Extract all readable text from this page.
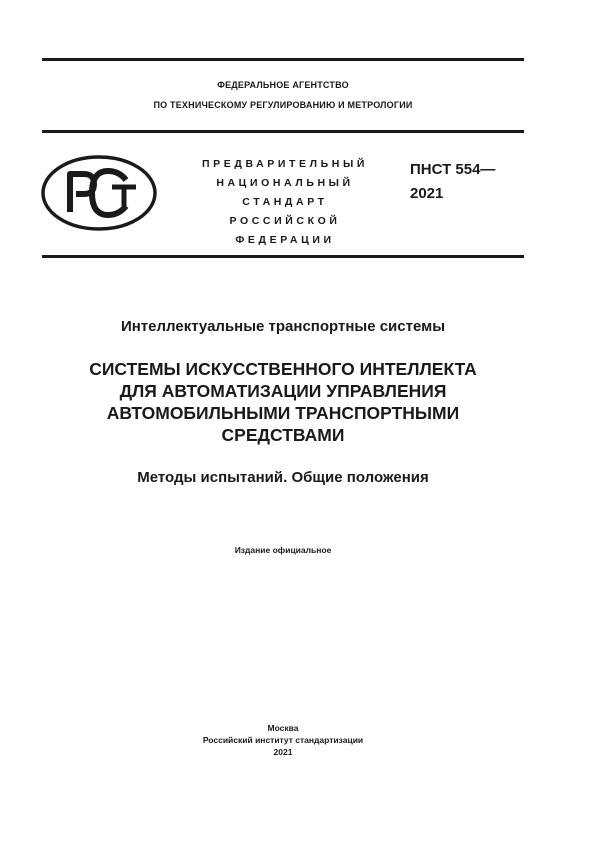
ФЕДЕРАЛЬНОЕ АГЕНТСТВО
ПО ТЕХНИЧЕСКОМУ РЕГУЛИРОВАНИЮ И МЕТРОЛОГИИ
ПРЕДВАРИТЕЛЬНЫЙ
НАЦИОНАЛЬНЫЙ
СТАНДАРТ
РОССИЙСКОЙ
ФЕДЕРАЦИИ
ПНСТ 554—
2021
Интеллектуальные транспортные системы
СИСТЕМЫ ИСКУССТВЕННОГО ИНТЕЛЛЕКТА
ДЛЯ АВТОМАТИЗАЦИИ УПРАВЛЕНИЯ
АВТОМОБИЛЬНЫМИ ТРАНСПОРТНЫМИ
СРЕДСТВАМИ
Методы испытаний. Общие положения
Издание официальное
Москва
Российский институт стандартизации
2021
